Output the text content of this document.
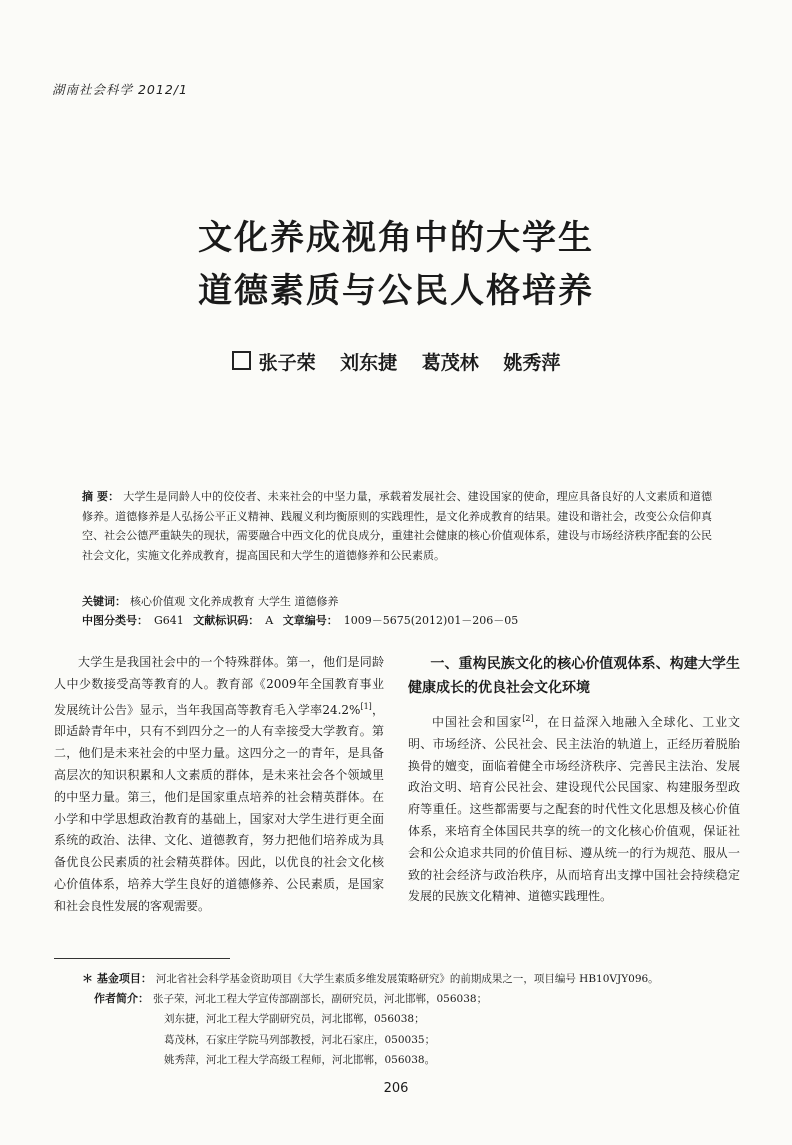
湖南社会科学 2012/1
文化养成视角中的大学生
道德素质与公民人格培养
张子荣 刘东捷 葛茂林 姚秀萍
摘 要： 大学生是同龄人中的佼佼者、未来社会的中坚力量，承载着发展社会、建设国家的使命，理应具备良好的人文素质和道德修养。道德修养是人弘扬公平正义精神、践履义利均衡原则的实践理性，是文化养成教育的结果。建设和谐社会，改变公众信仰真空、社会公德严重缺失的现状，需要融合中西文化的优良成分，重建社会健康的核心价值观体系，建设与市场经济秩序配套的公民社会文化，实施文化养成教育，提高国民和大学生的道德修养和公民素质。
关键词： 核心价值观 文化养成教育 大学生 道德修养
中图分类号： G641 文献标识码： A 文章编号： 1009－5675(2012)01－206－05

大学生是我国社会中的一个特殊群体。第一，他们是同龄人中少数接受高等教育的人。教育部《2009年全国教育事业发展统计公告》显示，当年我国高等教育毛入学率24.2%[1]，即适龄青年中，只有不到四分之一的人有幸接受大学教育。第二，他们是未来社会的中坚力量。这四分之一的青年，是具备高层次的知识积累和人文素质的群体，是未来社会各个领域里的中坚力量。第三，他们是国家重点培养的社会精英群体。在小学和中学思想政治教育的基础上，国家对大学生进行更全面系统的政治、法律、文化、道德教育，努力把他们培养成为具备优良公民素质的社会精英群体。因此，以优良的社会文化核心价值体系，培养大学生良好的道德修养、公民素质，是国家和社会良性发展的客观需要。

一、重构民族文化的核心价值观体系、构建大学生健康成长的优良社会文化环境

中国社会和国家[2]，在日益深入地融入全球化、工业文明、市场经济、公民社会、民主法治的轨道上，正经历着脱胎换骨的嬗变，面临着健全市场经济秩序、完善民主法治、发展政治文明、培育公民社会、建设现代公民国家、构建服务型政府等重任。这些都需要与之配套的时代性文化思想及核心价值体系，来培育全体国民共享的统一的文化核心价值观，保证社会和公众追求共同的价值目标、遵从统一的行为规范、服从一致的社会经济与政治秩序，从而培育出支撑中国社会持续稳定发展的民族文化精神、道德实践理性。

＊ 基金项目： 河北省社会科学基金资助项目《大学生素质多维发展策略研究》的前期成果之一，项目编号 HB10VJY096。
作者简介： 张子荣，河北工程大学宣传部副部长，副研究员，河北邯郸，056038；
刘东捷，河北工程大学副研究员，河北邯郸，056038；
葛茂林，石家庄学院马列部教授，河北石家庄，050035；
姚秀萍，河北工程大学高级工程师，河北邯郸，056038。
206
